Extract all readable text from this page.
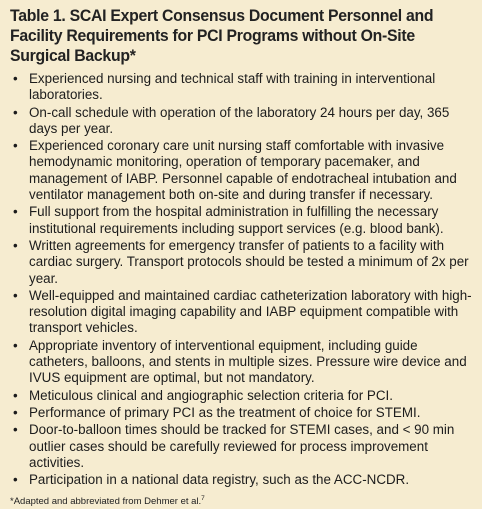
Table 1. SCAI Expert Consensus Document Personnel and Facility Requirements for PCI Programs without On-Site Surgical Backup*
• Experienced nursing and technical staff with training in interventional laboratories.
• On-call schedule with operation of the laboratory 24 hours per day, 365 days per year.
• Experienced coronary care unit nursing staff comfortable with invasive hemodynamic monitoring, operation of temporary pacemaker, and management of IABP. Personnel capable of endotracheal intubation and ventilator management both on-site and during transfer if necessary.
• Full support from the hospital administration in fulfilling the necessary institutional requirements including support services (e.g. blood bank).
• Written agreements for emergency transfer of patients to a facility with cardiac surgery. Transport protocols should be tested a minimum of 2x per year.
• Well-equipped and maintained cardiac catheterization laboratory with high-resolution digital imaging capability and IABP equipment compatible with transport vehicles.
• Appropriate inventory of interventional equipment, including guide catheters, balloons, and stents in multiple sizes. Pressure wire device and IVUS equipment are optimal, but not mandatory.
• Meticulous clinical and angiographic selection criteria for PCI.
• Performance of primary PCI as the treatment of choice for STEMI.
• Door-to-balloon times should be tracked for STEMI cases, and < 90 min outlier cases should be carefully reviewed for process improvement activities.
• Participation in a national data registry, such as the ACC-NCDR.
*Adapted and abbreviated from Dehmer et al.$^7$
